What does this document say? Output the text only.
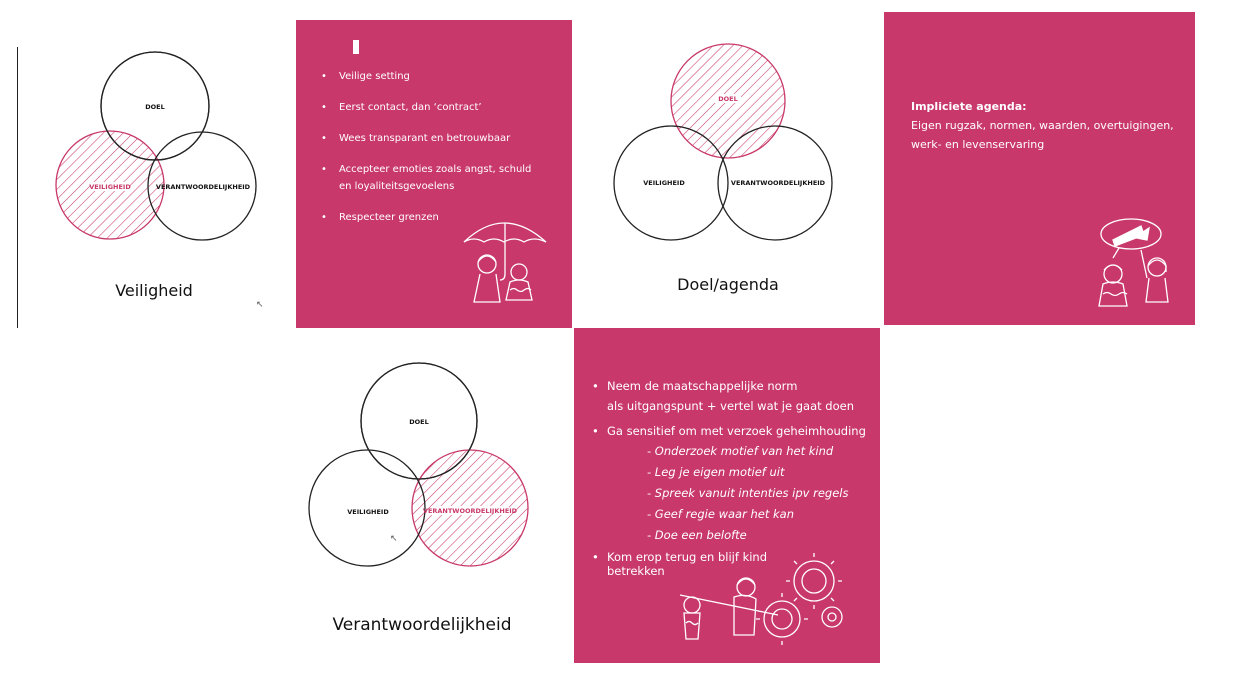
DOEL
VEILIGHEID	VERANTWOORDELIJKHEID
Veiligheid
↖
• Veilige setting
• Eerst contact, dan ‘contract’
• Wees transparant en betrouwbaar
• Accepteer emoties zoals angst, schuld en loyaliteitsgevoelens
• Respecteer grenzen
DOEL
VEILIGHEID	VERANTWOORDELIJKHEID
Doel/agenda
Impliciete agenda:
Eigen rugzak, normen, waarden, overtuigingen,
werk- en levenservaring
DOEL
VEILIGHEID	VERANTWOORDELIJKHEID
↖
Verantwoordelijkheid
• Neem de maatschappelijke norm
als uitgangspunt + vertel wat je gaat doen
• Ga sensitief om met verzoek geheimhouding
- Onderzoek motief van het kind
- Leg je eigen motief uit
- Spreek vanuit intenties ipv regels
- Geef regie waar het kan
- Doe een belofte
• Kom erop terug en blijf kind
betrekken
